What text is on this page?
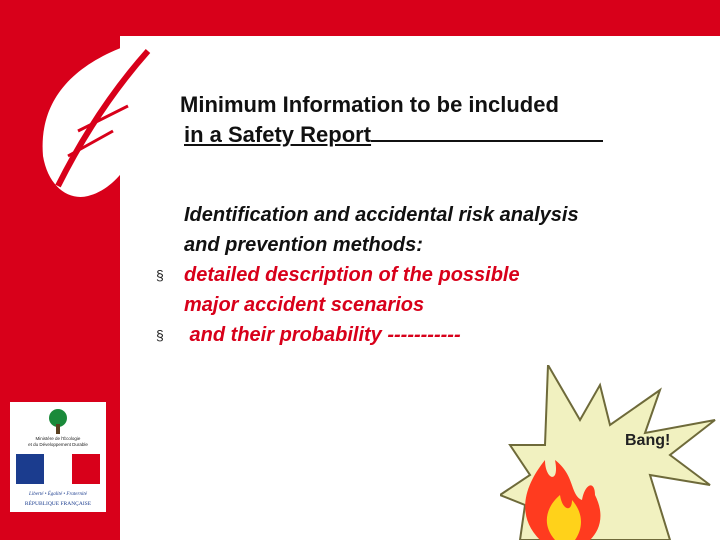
Minimum Information to be included
in a Safety Report
Identification and accidental risk analysis
and prevention methods:
§ detailed description of the possible
major accident scenarios
§ and their probability -----------
Ministère de l'Écologie
et du Développement Durable
Liberté • Égalité • Fraternité
RÉPUBLIQUE FRANÇAISE
Bang!
